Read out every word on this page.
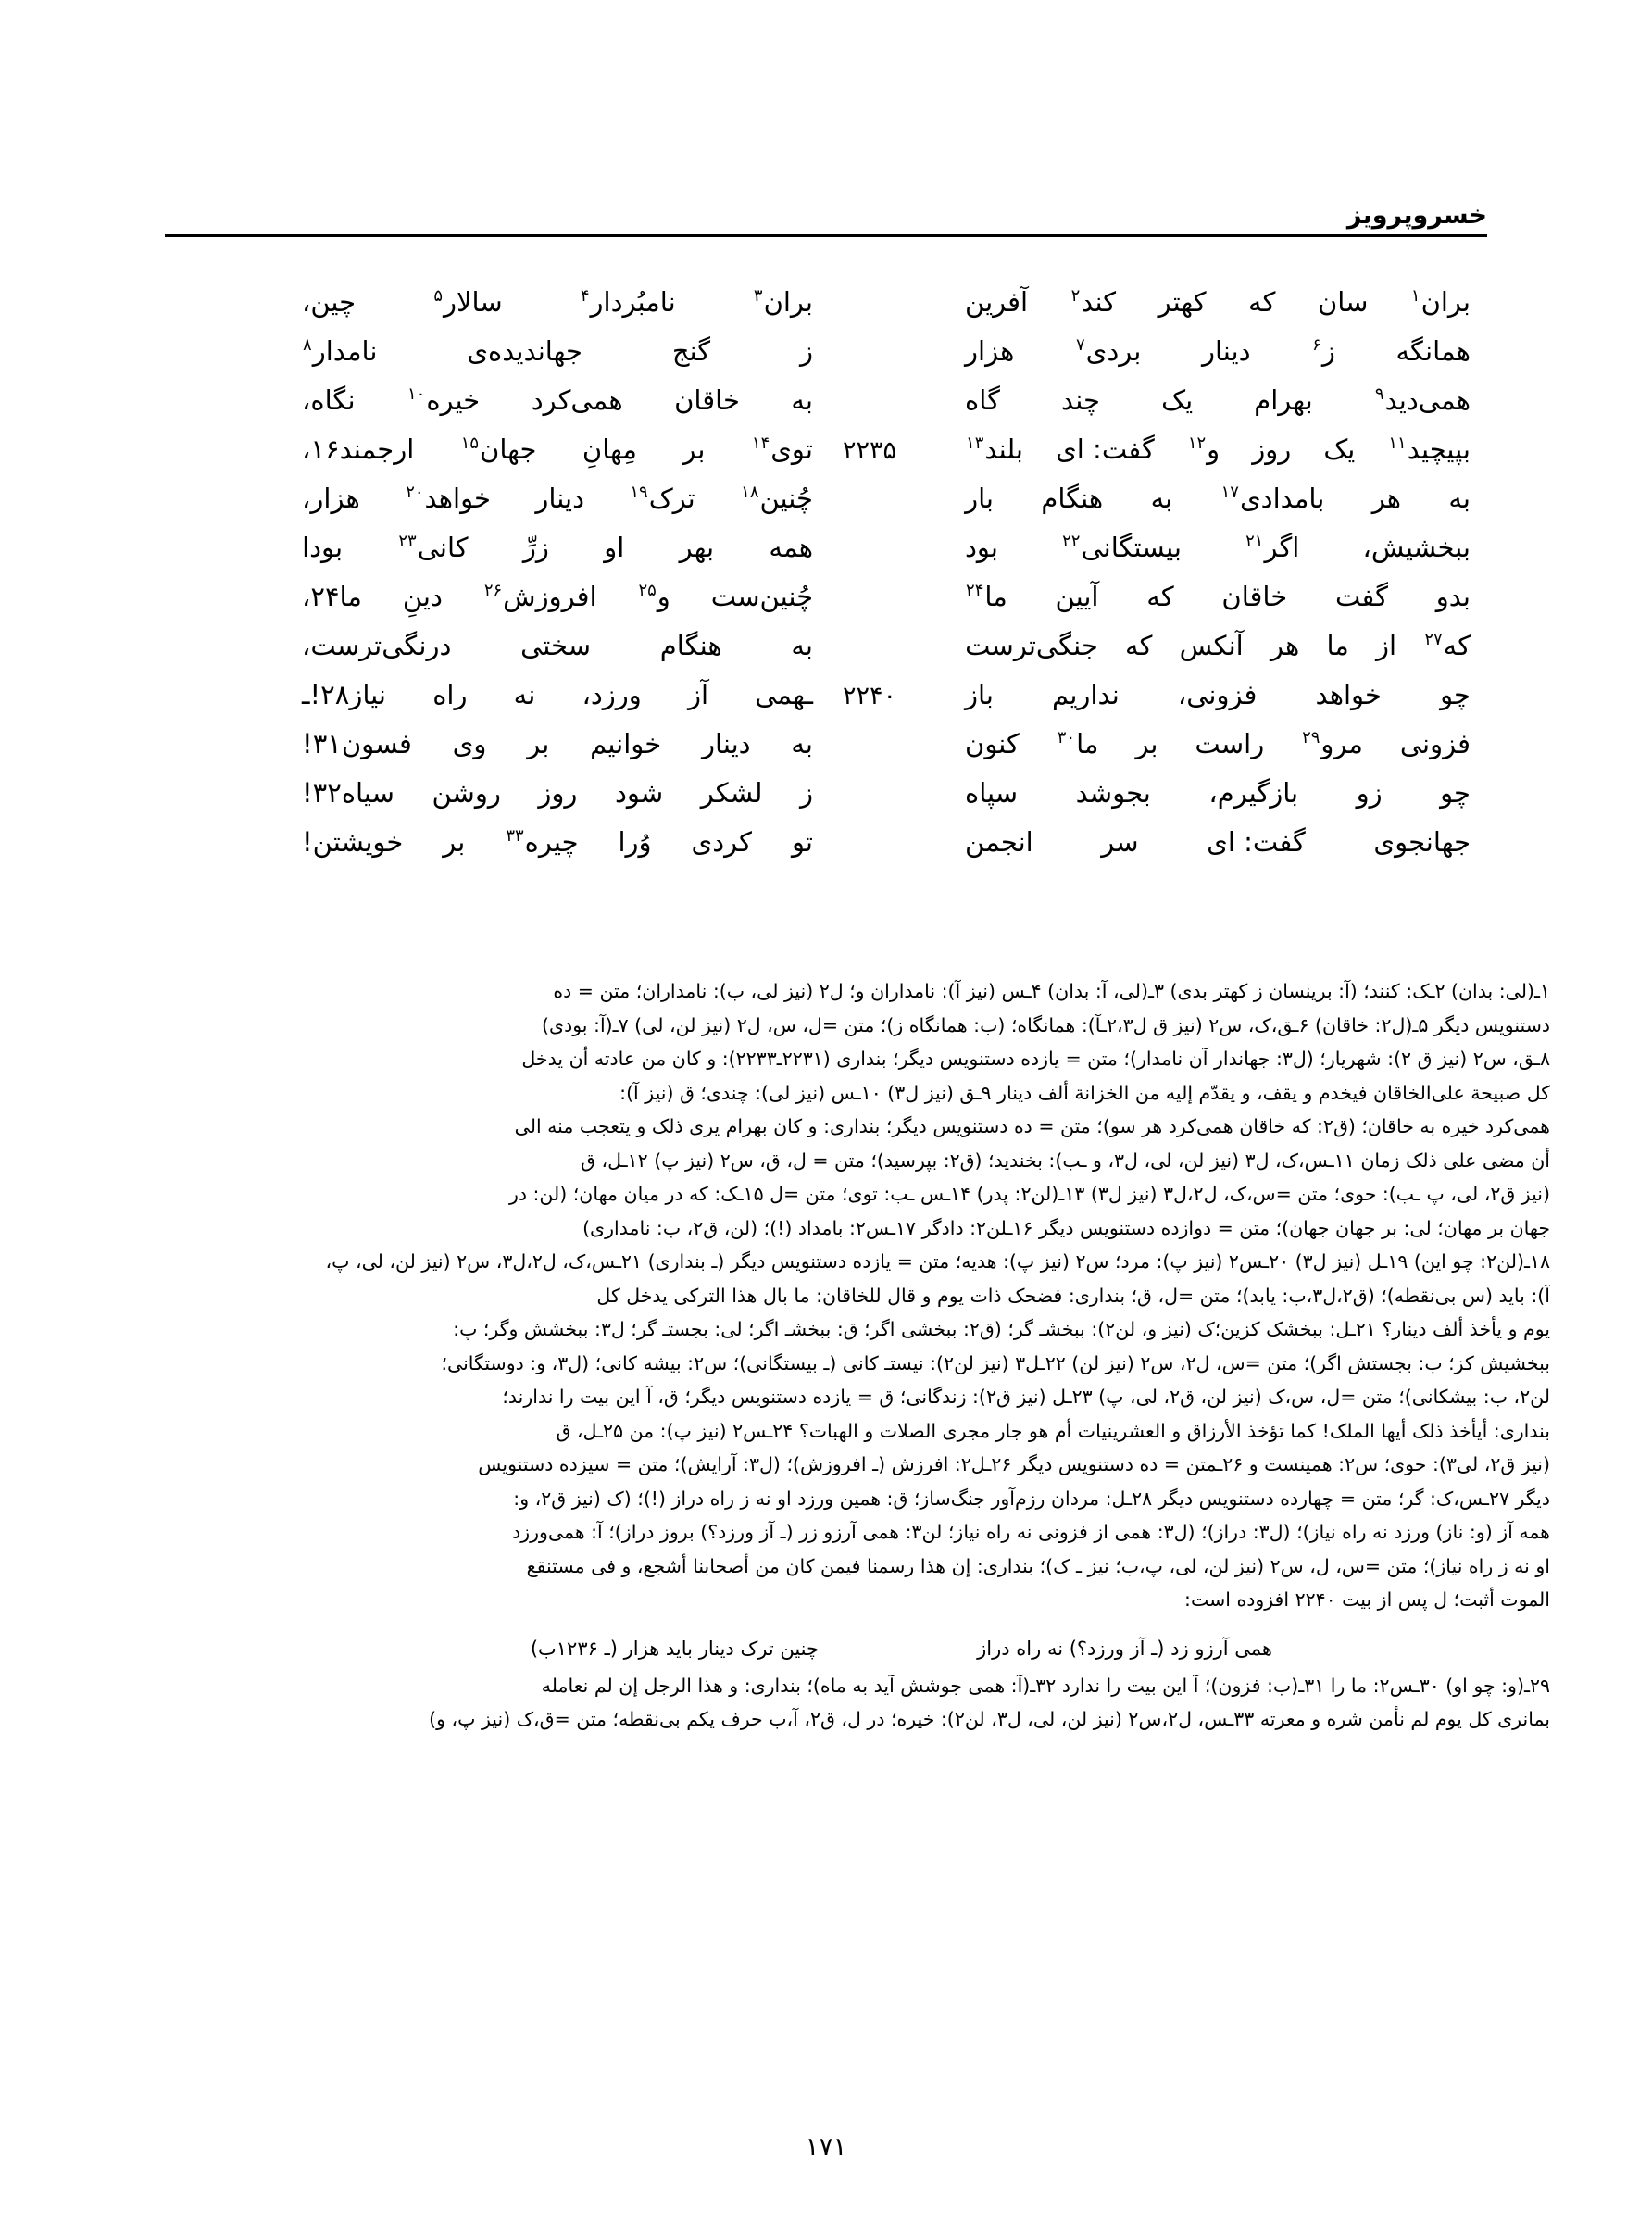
خسروپرویز
بران$^۱$
سان
که
کهتر
کند$^۲$
آفرین
بران$^۳$
نامبُردار$^۴$
سالار$^۵$
چین،
همانگه
ز$^۶$
دینار
بردی$^۷$
هزار
ز
گنج
جهاندیده‌ی
نامدار$^۸$
همی‌دید$^۹$
بهرام
یک
چند
گاه
به
خاقان
همی‌کرد
خیره$^{۱۰}$
نگاه،
بپیچید$^{۱۱}$
یک
روز
و$^{۱۲}$
گفت: ای
بلند$^{۱۳}$
۲۲۳۵
توی$^{۱۴}$
بر
مِهانِ
جهان$^{۱۵}$
ارجمند۱۶،
به
هر
بامدادی$^{۱۷}$
به
هنگام
بار
چُنین$^{۱۸}$
ترک$^{۱۹}$
دینار
خواهد$^{۲۰}$
هزار،
ببخشیش،
اگر$^{۲۱}$
بیستگانی$^{۲۲}$
بود
همه
بهر
او
زرِّ
کانی$^{۲۳}$
بودا
بدو
گفت
خاقان
که
آیین
ما$^{۲۴}$
چُنین‌ست
و$^{۲۵}$
افروزش$^{۲۶}$
دینِ
ما۲۴،
که$^{۲۷}$
از
ما
هر
آنکس
که
جنگی‌ترست
به
هنگام
سختی
درنگی‌ترست،
چو
خواهد
فزونی،
نداریم
باز
۲۲۴۰
ـهمی
آز
ورزد،
نه
راه
نیاز۲۸!ـ
فزونی
مرو$^{۲۹}$
راست
بر
ما$^{۳۰}$
کنون
به
دینار
خوانیم
بر
وی
فسون۳۱!
چو
زو
بازگیرم،
بجوشد
سپاه
ز
لشکر
شود
روز
روشن
سیاه۳۲!
جهانجوی
گفت: ای
سر
انجمن
تو
کردی
وُرا
چیره$^{۳۳}$
بر
خویشتن!
۱ـ(لی: بدان) ۲ـک: کنند؛ (آ: برینسان ز کهتر بدی) ۳ـ(لی، آ: بدان) ۴ـس (نیز آ): نامداران و؛ ل۲ (نیز لی، ب): نامداران؛ متن = ده
دستنویس دیگر ۵ـ(ل۲: خاقان) ۶ـق،ک، س۲ (نیز ق ل۲،۳ـآ): همانگاه؛ (ب: همانگاه ز)؛ متن =ل، س، ل۲ (نیز لن، لی) ۷ـ(آ: بودی)
۸ـق، س۲ (نیز ق ۲): شهریار؛ (ل۳: جهاندار آن نامدار)؛ متن = یازده دستنویس دیگر؛ بنداری (۲۲۳۱ـ۲۲۳۳): و کان من عادته أن یدخل
کل صبیحة علی‌الخاقان فیخدم و یقف، و یقدّم إلیه من الخزانة ألف دینار ۹ـق (نیز ل۳) ۱۰ـس (نیز لی): چندی؛ ق (نیز آ):
همی‌کرد خیره به خاقان؛ (ق۲: که خاقان همی‌کرد هر سو)؛ متن = ده دستنویس دیگر؛ بنداری: و کان بهرام یری ذلک و یتعجب منه الی
أن مضی علی ذلک زمان ۱۱ـس،ک، ل۳ (نیز لن، لی، ل۳، و ـب): بخندید؛ (ق۲: بپرسید)؛ متن = ل، ق، س۲ (نیز پ) ۱۲ـل، ق
(نیز ق۲، لی، پ ـب): حوی؛ متن =س،ک، ل۲،ل۳ (نیز ل۳) ۱۳ـ(لن۲: پدر) ۱۴ـس ـب: توی؛ متن =ل ۱۵ـک: که در میان مهان؛ (لن: در
جهان بر مهان؛ لی: بر جهان جهان)؛ متن = دوازده دستنویس دیگر ۱۶ـلن۲: دادگر ۱۷ـس۲: بامداد (!)؛ (لن، ق۲، ب: نامداری)
۱۸ـ(لن۲: چو این) ۱۹ـل (نیز ل۳) ۲۰ـس۲ (نیز پ): مرد؛ س۲ (نیز پ): هدیه؛ متن = یازده دستنویس دیگر (ـ بنداری) ۲۱ـس،ک، ل۲،ل۳، س۲ (نیز لن، لی، پ،
آ): باید (س بی‌نقطه)؛ (ق۲،ل۳،ب: یابد)؛ متن =ل، ق؛ بنداری: فضحک ذات یوم و قال للخاقان: ما بال هذا الترکی یدخل کل
یوم و یأخذ ألف دینار؟ ۲۱ـل: ببخشک کزین؛ک (نیز و، لن۲): ببخشـ گر؛ (ق۲: ببخشی اگر؛ ق: ببخشـ اگر؛ لی: بجستـ گر؛ ل۳: ببخشش وگر؛ پ:
ببخشیش کز؛ ب: بجستش اگر)؛ متن =س، ل۲، س۲ (نیز لن) ۲۲ـل۳ (نیز لن۲): نیستـ کانی (ـ بیستگانی)؛ س۲: بیشه کانی؛ (ل۳، و: دوستگانی؛
لن۲، ب: بیشکانی)؛ متن =ل، س،ک (نیز لن، ق۲، لی، پ) ۲۳ـل (نیز ق۲): زندگانی؛ ق = یازده دستنویس دیگر؛ ق، آ این بیت را ندارند؛
بنداری: أیأخذ ذلک أیها الملک! کما تؤخذ الأرزاق و العشرینیات أم هو جار مجری الصلات و الهبات؟ ۲۴ـس۲ (نیز پ): من ۲۵ـل، ق
(نیز ق۲، لی۳): حوی؛ س۲: همینست و ۲۶ـمتن = ده دستنویس دیگر ۲۶ـل۲: افرزش (ـ افروزش)؛ (ل۳: آرایش)؛ متن = سیزده دستنویس
دیگر ۲۷ـس،ک: گر؛ متن = چهارده دستنویس دیگر ۲۸ـل: مردان رزم‌آور جنگ‌ساز؛ ق: همین ورزد او نه ز راه دراز (!)؛ (ک (نیز ق۲، و:
همه آز (و: ناز) ورزد نه راه نیاز)؛ (ل۳: دراز)؛ (ل۳: همی از فزونی نه راه نیاز؛ لن۳: همی آرزو زر (ـ آز ورزد؟) بروز دراز)؛ آ: همی‌ورزد
او نه ز راه نیاز)؛ متن =س، ل، س۲ (نیز لن، لی، پ،ب؛ نیز ـ ک)؛ بنداری: إن هذا رسمنا فیمن کان من أصحابنا أشجع، و فی مستنقع
الموت أثبت؛ ل پس از بیت ۲۲۴۰ افزوده است:
همی آرزو زد (ـ آز ورزد؟) نه راه دراز
چنین ترک دینار باید هزار (ـ ۱۲۳۶ب)
۲۹ـ(و: چو او) ۳۰ـس۲: ما را ۳۱ـ(ب: فزون)؛ آ این بیت را ندارد ۳۲ـ(آ: همی جوشش آید به ماه)؛ بنداری: و هذا الرجل إن لم نعامله
بمانری کل یوم لم نأمن شره و معرته ۳۳ـس، ل۲،س۲ (نیز لن، لی، ل۳، لن۲): خیره؛ در ل، ق۲، آ،ب حرف یکم بی‌نقطه؛ متن =ق،ک (نیز پ، و)
۱۷۱
